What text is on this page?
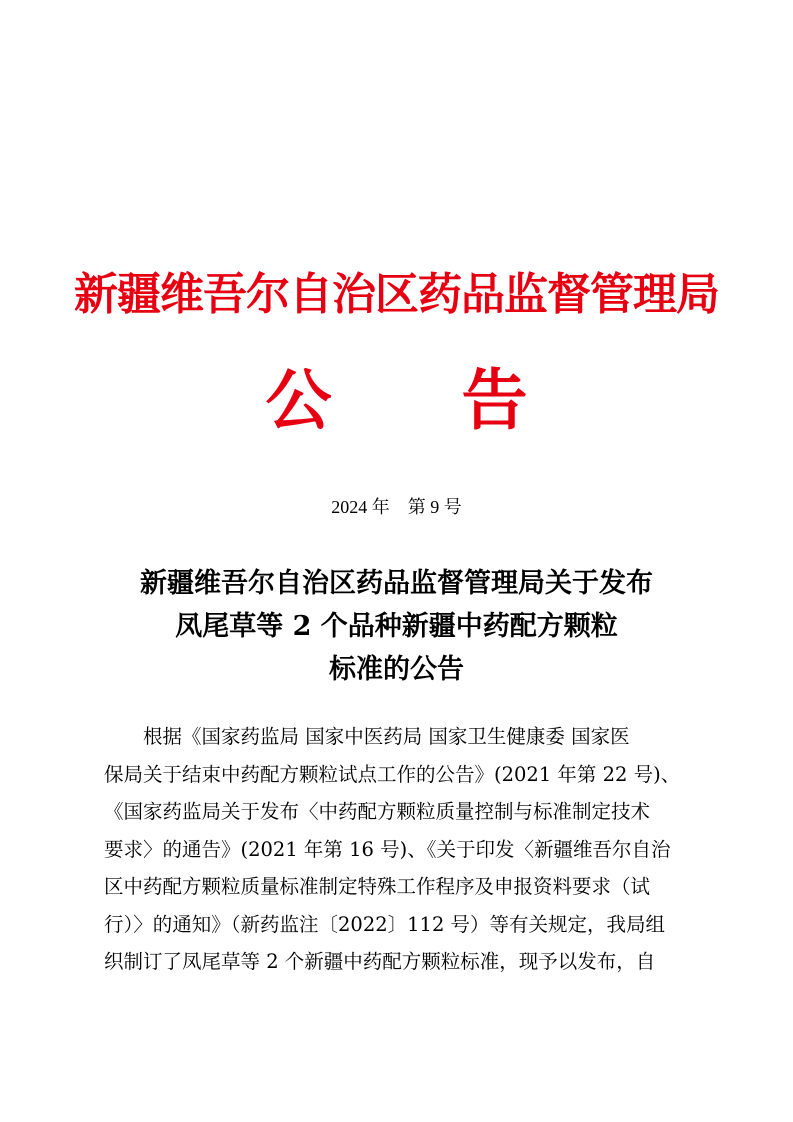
新疆维吾尔自治区药品监督管理局
公告
2024 年　第 9 号
新疆维吾尔自治区药品监督管理局关于发布
凤尾草等 2 个品种新疆中药配方颗粒
标准的公告
根据《国家药监局 国家中医药局 国家卫生健康委 国家医
保局关于结束中药配方颗粒试点工作的公告》(2021 年第 22 号)、
《国家药监局关于发布〈中药配方颗粒质量控制与标准制定技术
要求〉的通告》(2021 年第 16 号)、《关于印发〈新疆维吾尔自治
区中药配方颗粒质量标准制定特殊工作程序及申报资料要求（试
行）〉的通知》（新药监注〔2022〕112 号）等有关规定，我局组
织制订了凤尾草等 2 个新疆中药配方颗粒标准，现予以发布，自
